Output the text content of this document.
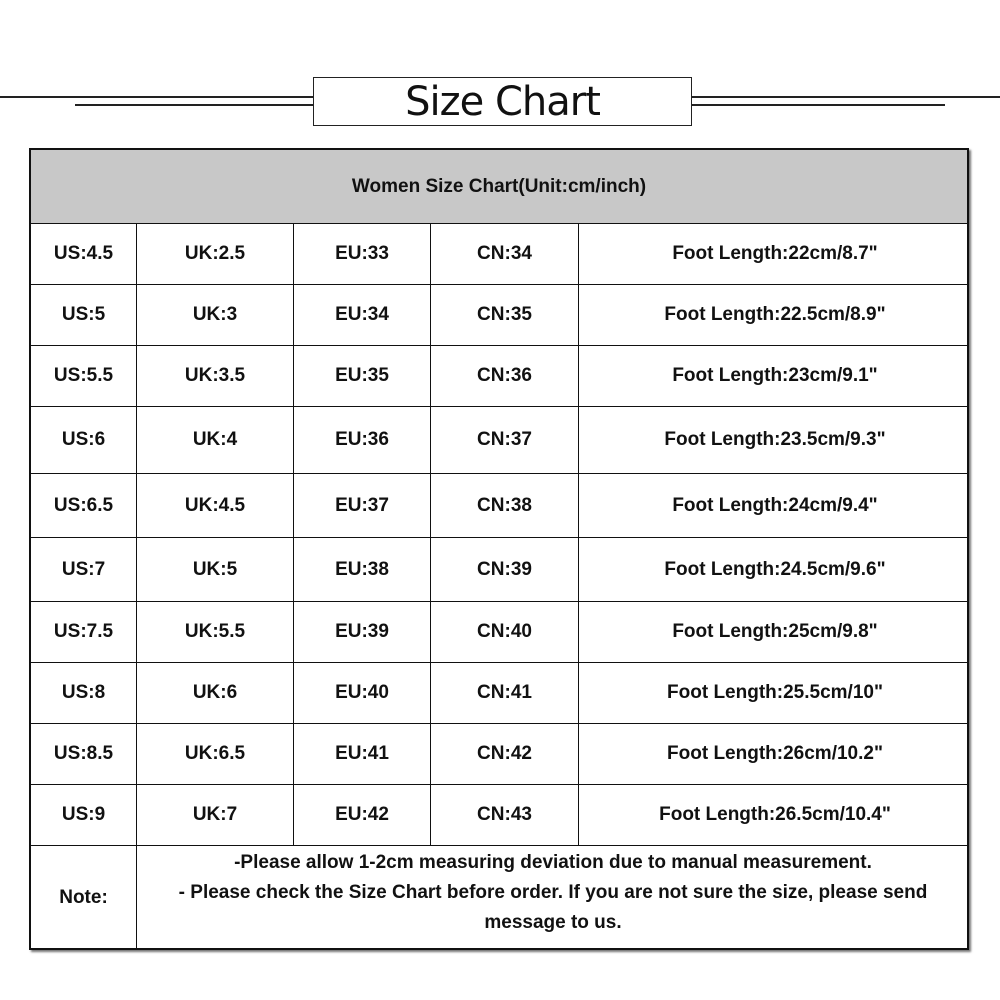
Size Chart
Women Size Chart(Unit:cm/inch)
US:4.5	UK:2.5	EU:33	CN:34	Foot Length:22cm/8.7"
US:5	UK:3	EU:34	CN:35	Foot Length:22.5cm/8.9"
US:5.5	UK:3.5	EU:35	CN:36	Foot Length:23cm/9.1"
US:6	UK:4	EU:36	CN:37	Foot Length:23.5cm/9.3"
US:6.5	UK:4.5	EU:37	CN:38	Foot Length:24cm/9.4"
US:7	UK:5	EU:38	CN:39	Foot Length:24.5cm/9.6"
US:7.5	UK:5.5	EU:39	CN:40	Foot Length:25cm/9.8"
US:8	UK:6	EU:40	CN:41	Foot Length:25.5cm/10"
US:8.5	UK:6.5	EU:41	CN:42	Foot Length:26cm/10.2"
US:9	UK:7	EU:42	CN:43	Foot Length:26.5cm/10.4"
Note:
-Please allow 1-2cm measuring deviation due to manual measurement.
- Please check the Size Chart before order. If you are not sure the size, please send message to us.
